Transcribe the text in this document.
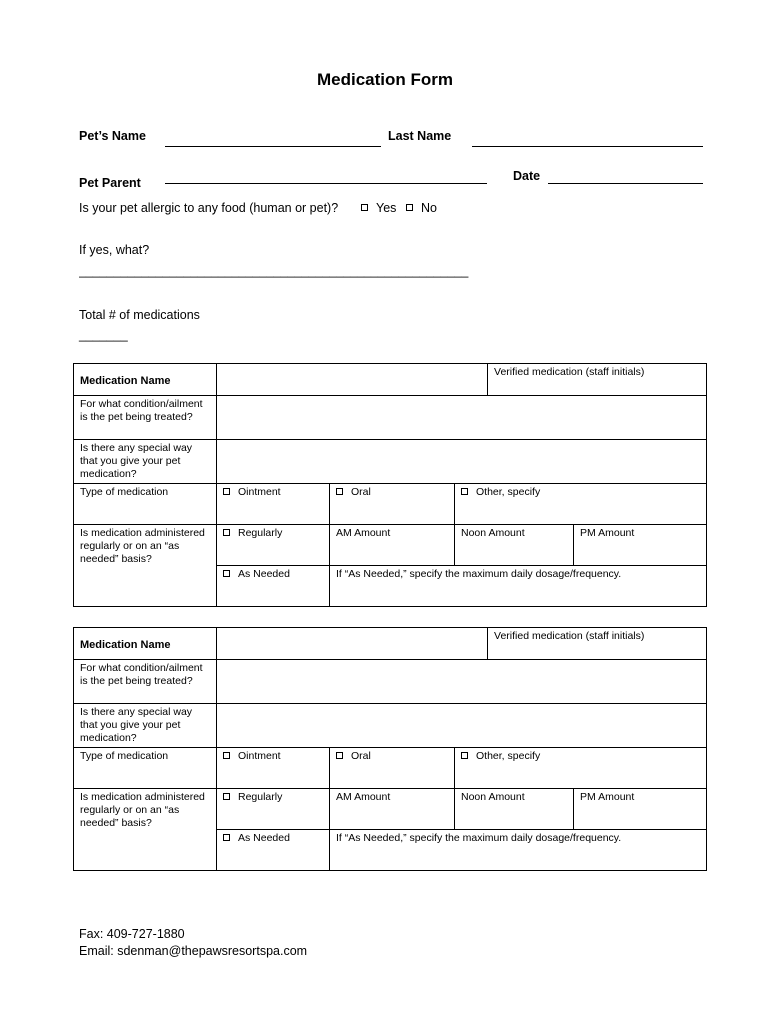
Medication Form
Pet’s Name	Last Name
Pet Parent	Date
Is your pet allergic to any food (human or pet)?	Yes	No
If yes, what?
________________________________________________________
Total # of medications
_______
Medication Name				Verified medication (staff initials)	
For what condition/ailment is the pet being treated?					
Is there any special way that you give your pet medication?					
Type of medication	Ointment	Oral	Other, specify		
Is medication administered regularly or on an “as needed” basis?	Regularly	AM Amount	Noon Amount		PM Amount
	As Needed	If “As Needed,” specify the maximum daily dosage/frequency.			
Medication Name				Verified medication (staff initials)	
For what condition/ailment is the pet being treated?					
Is there any special way that you give your pet medication?					
Type of medication	Ointment	Oral	Other, specify		
Is medication administered regularly or on an “as needed” basis?	Regularly	AM Amount	Noon Amount		PM Amount
	As Needed	If “As Needed,” specify the maximum daily dosage/frequency.			
Fax: 409-727-1880
Email: sdenman@thepawsresortspa.com
